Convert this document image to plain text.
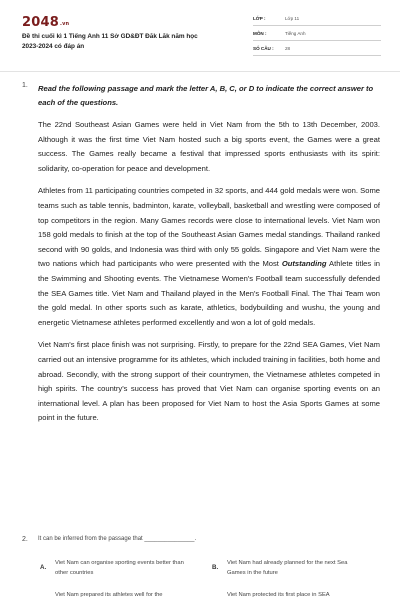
2048.vn
Đề thi cuối kì 1 Tiếng Anh 11 Sở GD&ĐT Đăk Lăk năm học
2023-2024 có đáp án
LỚP :	Lớp 11
MÔN :	Tiếng Anh
SỐ CÂU : 28
1. Read the following passage and mark the letter A, B, C, or D to indicate the correct answer to each of the questions.

The 22nd Southeast Asian Games were held in Viet Nam from the 5th to 13th December, 2003. Although it was the first time Viet Nam hosted such a big sports event, the Games were a great success. The Games really became a festival that impressed sports enthusiasts with its spirit: solidarity, co-operation for peace and development.

Athletes from 11 participating countries competed in 32 sports, and 444 gold medals were won. Some teams such as table tennis, badminton, karate, volleyball, basketball and wrestling were composed of top competitors in the region. Many Games records were close to international levels. Viet Nam won 158 gold medals to finish at the top of the Southeast Asian Games medal standings. Thailand ranked second with 90 golds, and Indonesia was third with only 55 golds. Singapore and Viet Nam were the two nations which had participants who were presented with the Most Outstanding Athlete titles in the Swimming and Shooting events. The Vietnamese Women's Football team successfully defended the SEA Games title. Viet Nam and Thailand played in the Men's Football Final. The Thai Team won the gold medal. In other sports such as karate, athletics, bodybuilding and wushu, the young and energetic Vietnamese athletes performed excellently and won a lot of gold medals.

Viet Nam's first place finish was not surprising. Firstly, to prepare for the 22nd SEA Games, Viet Nam carried out an intensive programme for its athletes, which included training in facilities, both home and abroad. Secondly, with the strong support of their countrymen, the Vietnamese athletes competed in high spirits. The country's success has proved that Viet Nam can organise sporting events on an international level. A plan has been proposed for Viet Nam to host the Asia Sports Games at some point in the future.

2. It can be inferred from the passage that _______________.
A.
Viet Nam can organise sporting events better than other countries
B.
Viet Nam had already planned for the next Sea Games in the future
Viet Nam prepared its athletes well for the	Viet Nam protected its first place in SEA
